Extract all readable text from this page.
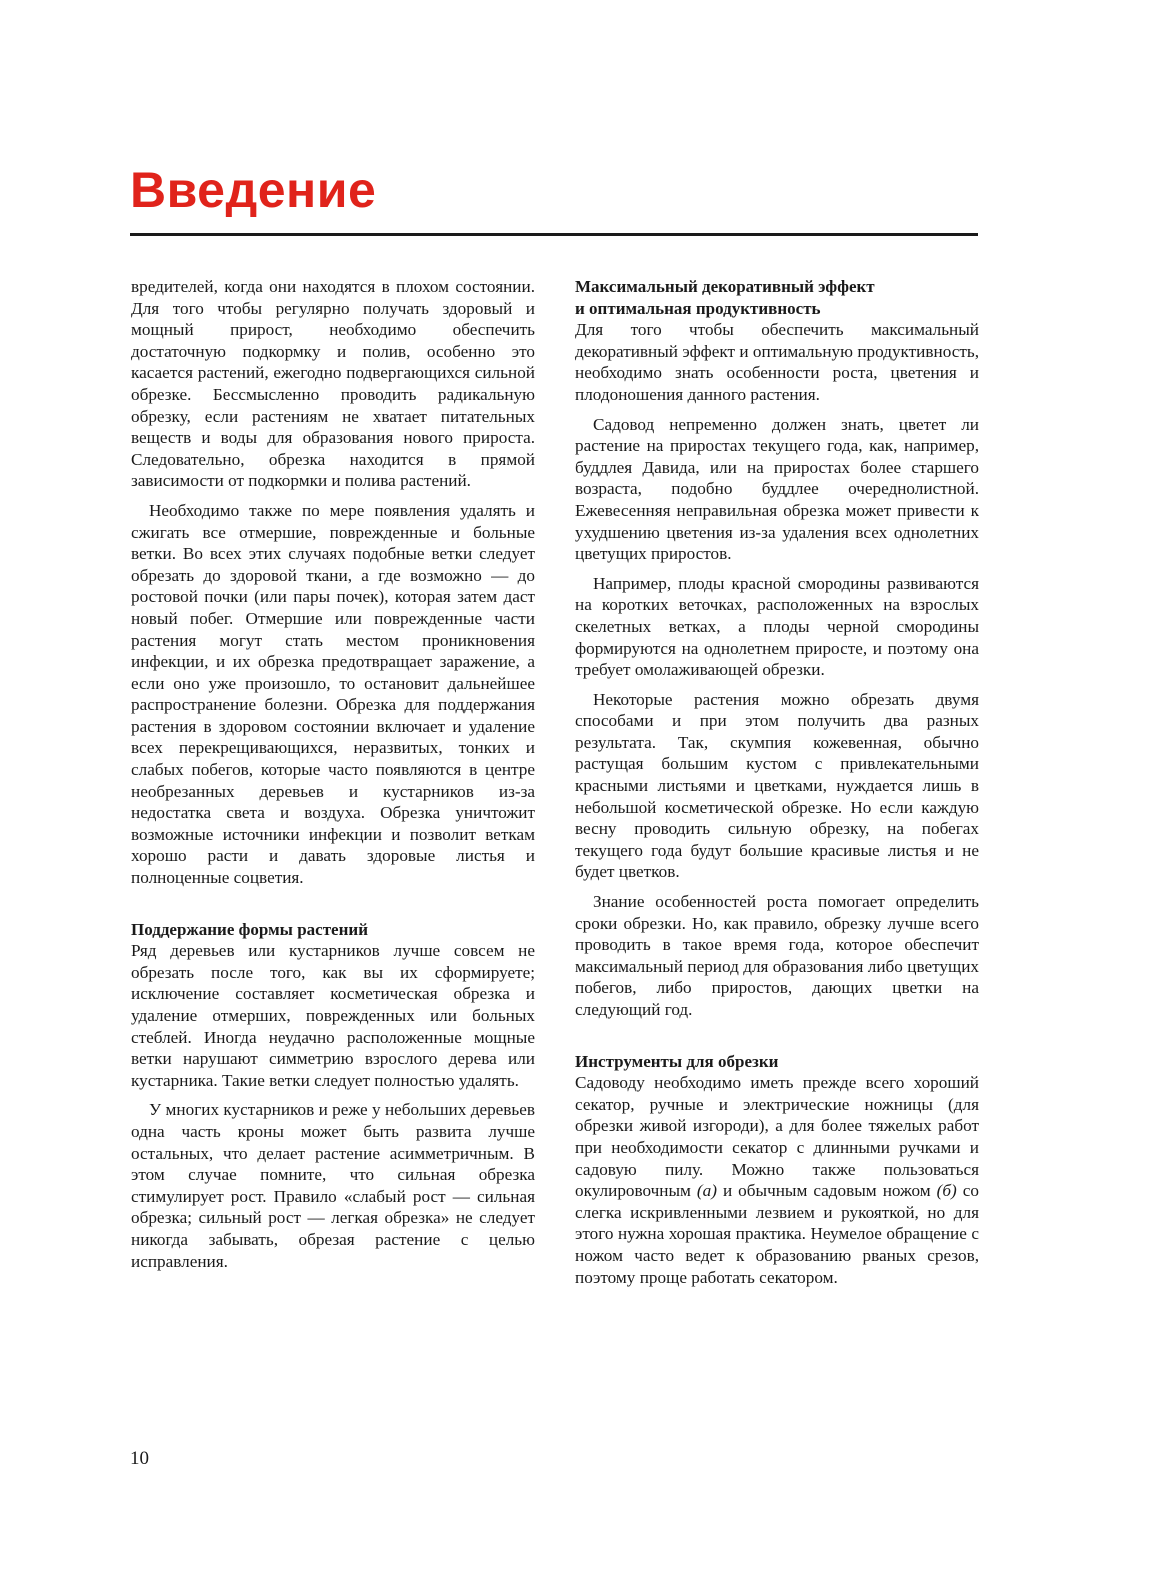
Введение

вредителей, когда они находятся в плохом состоянии. Для того чтобы регулярно получать здоровый и мощный прирост, необходимо обеспечить достаточную подкормку и полив, особенно это касается растений, ежегодно подвергающихся сильной обрезке. Бессмысленно проводить радикальную обрезку, если растениям не хватает питательных веществ и воды для образования нового прироста. Следовательно, обрезка находится в прямой зависимости от подкормки и полива растений.

Необходимо также по мере появления удалять и сжигать все отмершие, поврежденные и больные ветки. Во всех этих случаях подобные ветки следует обрезать до здоровой ткани, а где возможно — до ростовой почки (или пары почек), которая затем даст новый побег. Отмершие или поврежденные части растения могут стать местом проникновения инфекции, и их обрезка предотвращает заражение, а если оно уже произошло, то остановит дальнейшее распространение болезни. Обрезка для поддержания растения в здоровом состоянии включает и удаление всех перекрещивающихся, неразвитых, тонких и слабых побегов, которые часто появляются в центре необрезанных деревьев и кустарников из-за недостатка света и воздуха. Обрезка уничтожит возможные источники инфекции и позволит веткам хорошо расти и давать здоровые листья и полноценные соцветия.

Поддержание формы растений

Ряд деревьев или кустарников лучше совсем не обрезать после того, как вы их сформируете; исключение составляет косметическая обрезка и удаление отмерших, поврежденных или больных стеблей. Иногда неудачно расположенные мощные ветки нарушают симметрию взрослого дерева или кустарника. Такие ветки следует полностью удалять.

У многих кустарников и реже у небольших деревьев одна часть кроны может быть развита лучше остальных, что делает растение асимметричным. В этом случае помните, что сильная обрезка стимулирует рост. Правило «слабый рост — сильная обрезка; сильный рост — легкая обрезка» не следует никогда забывать, обрезая растение с целью исправления.

Максимальный декоративный эффект
и оптимальная продуктивность

Для того чтобы обеспечить максимальный декоративный эффект и оптимальную продуктивность, необходимо знать особенности роста, цветения и плодоношения данного растения.

Садовод непременно должен знать, цветет ли растение на приростах текущего года, как, например, буддлея Давида, или на приростах более старшего возраста, подобно буддлее очереднолистной. Ежевесенняя неправильная обрезка может привести к ухудшению цветения из-за удаления всех однолетних цветущих приростов.

Например, плоды красной смородины развиваются на коротких веточках, расположенных на взрослых скелетных ветках, а плоды черной смородины формируются на однолетнем приросте, и поэтому она требует омолаживающей обрезки.

Некоторые растения можно обрезать двумя способами и при этом получить два разных результата. Так, скумпия кожевенная, обычно растущая большим кустом с привлекательными красными листьями и цветками, нуждается лишь в небольшой косметической обрезке. Но если каждую весну проводить сильную обрезку, на побегах текущего года будут большие красивые листья и не будет цветков.

Знание особенностей роста помогает определить сроки обрезки. Но, как правило, обрезку лучше всего проводить в такое время года, которое обеспечит максимальный период для образования либо цветущих побегов, либо приростов, дающих цветки на следующий год.

Инструменты для обрезки

Садоводу необходимо иметь прежде всего хороший секатор, ручные и электрические ножницы (для обрезки живой изгороди), а для более тяжелых работ при необходимости секатор с длинными ручками и садовую пилу. Можно также пользоваться окулировочным (а) и обычным садовым ножом (б) со слегка искривленными лезвием и рукояткой, но для этого нужна хорошая практика. Неумелое обращение с ножом часто ведет к образованию рваных срезов, поэтому проще работать секатором.

10
